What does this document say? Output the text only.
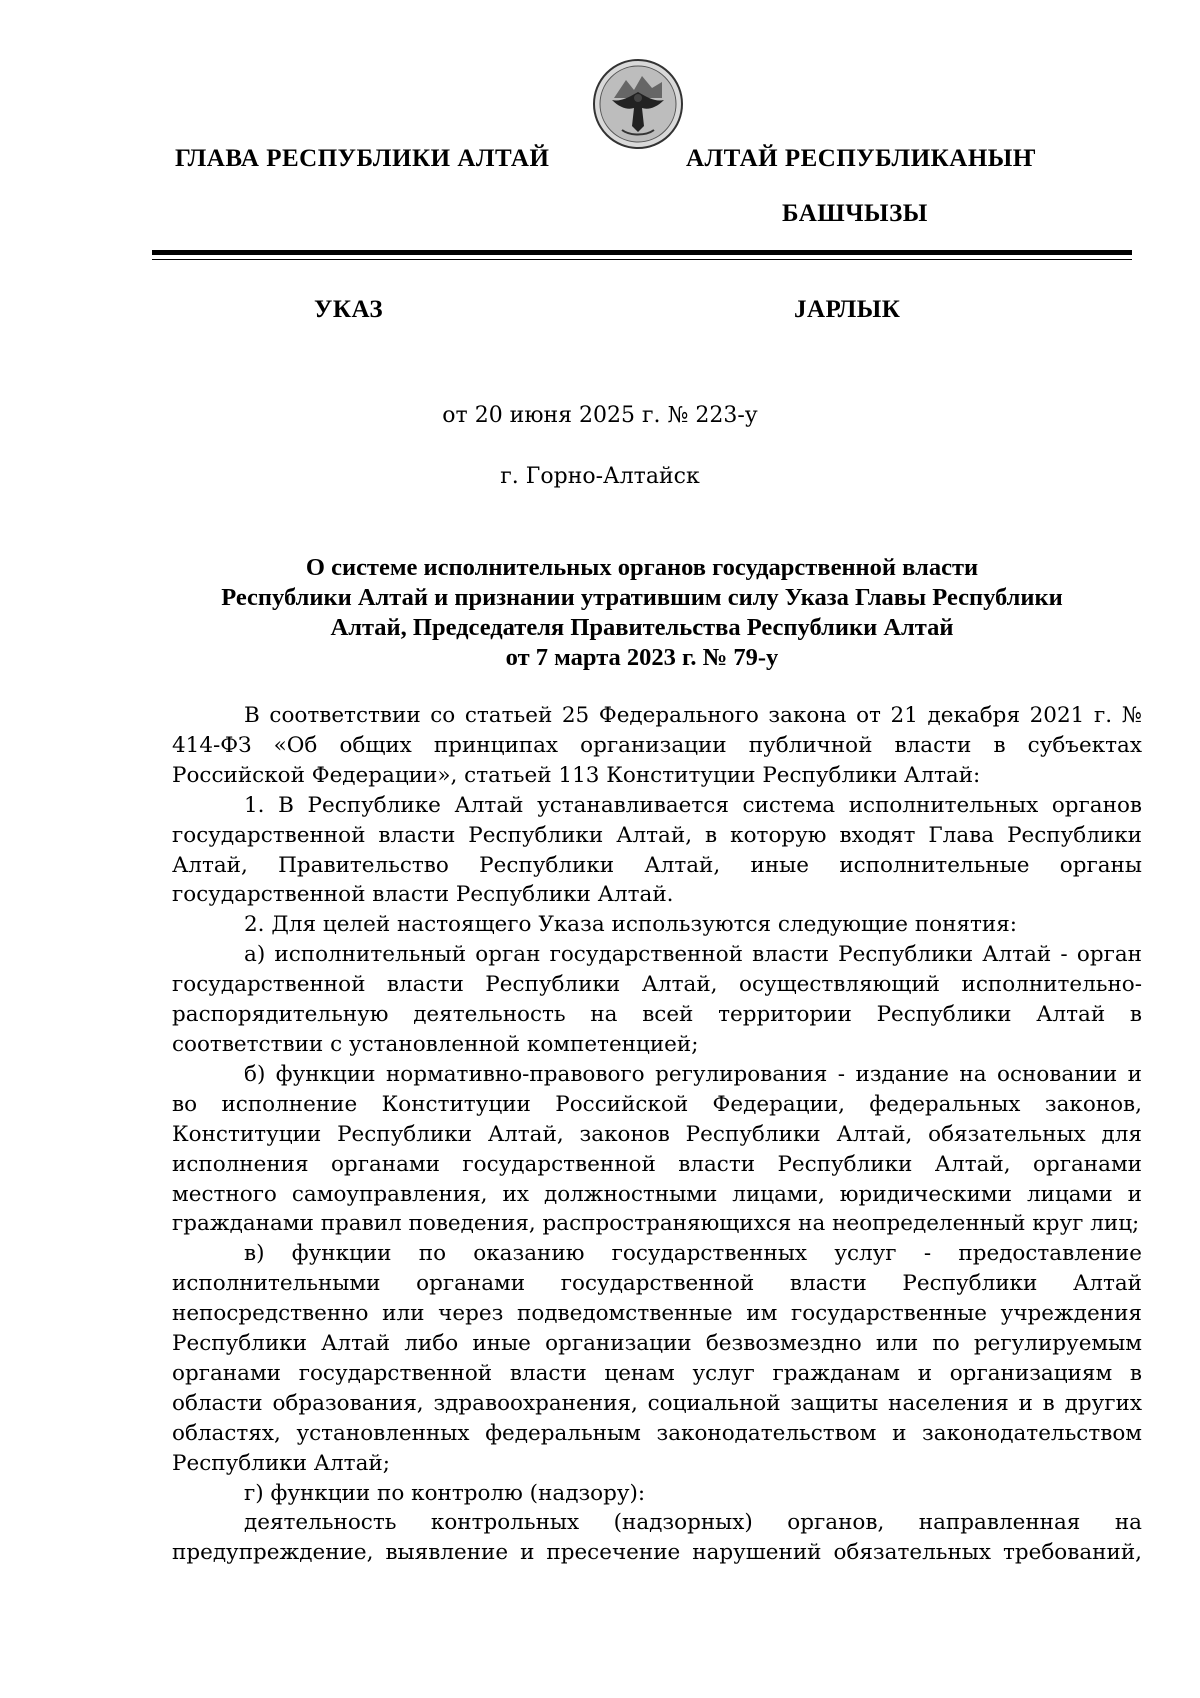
ГЛАВА РЕСПУБЛИКИ АЛТАЙ	АЛТАЙ РЕСПУБЛИКАНЫҤ
БАШЧЫЗЫ
УКАЗ	ЈАРЛЫК
от 20 июня 2025 г. № 223-у
г. Горно-Алтайск
О системе исполнительных органов государственной власти
Республики Алтай и признании утратившим силу Указа Главы Республики
Алтай, Председателя Правительства Республики Алтай
от 7 марта 2023 г. № 79-у

В соответствии со статьей 25 Федерального закона от 21 декабря 2021 г. № 414-ФЗ «Об общих принципах организации публичной власти в субъектах Российской Федерации», статьей 113 Конституции Республики Алтай:

1. В Республике Алтай устанавливается система исполнительных органов государственной власти Республики Алтай, в которую входят Глава Республики Алтай, Правительство Республики Алтай, иные исполнительные органы государственной власти Республики Алтай.

2. Для целей настоящего Указа используются следующие понятия:

а) исполнительный орган государственной власти Республики Алтай - орган государственной власти Республики Алтай, осуществляющий исполнительно-распорядительную деятельность на всей территории Республики Алтай в соответствии с установленной компетенцией;

б) функции нормативно-правового регулирования - издание на основании и во исполнение Конституции Российской Федерации, федеральных законов, Конституции Республики Алтай, законов Республики Алтай, обязательных для исполнения органами государственной власти Республики Алтай, органами местного самоуправления, их должностными лицами, юридическими лицами и гражданами правил поведения, распространяющихся на неопределенный круг лиц;

в) функции по оказанию государственных услуг - предоставление исполнительными органами государственной власти Республики Алтай непосредственно или через подведомственные им государственные учреждения Республики Алтай либо иные организации безвозмездно или по регулируемым органами государственной власти ценам услуг гражданам и организациям в области образования, здравоохранения, социальной защиты населения и в других областях, установленных федеральным законодательством и законодательством Республики Алтай;

г) функции по контролю (надзору):

деятельность контрольных (надзорных) органов, направленная на предупреждение, выявление и пресечение нарушений обязательных требований,
